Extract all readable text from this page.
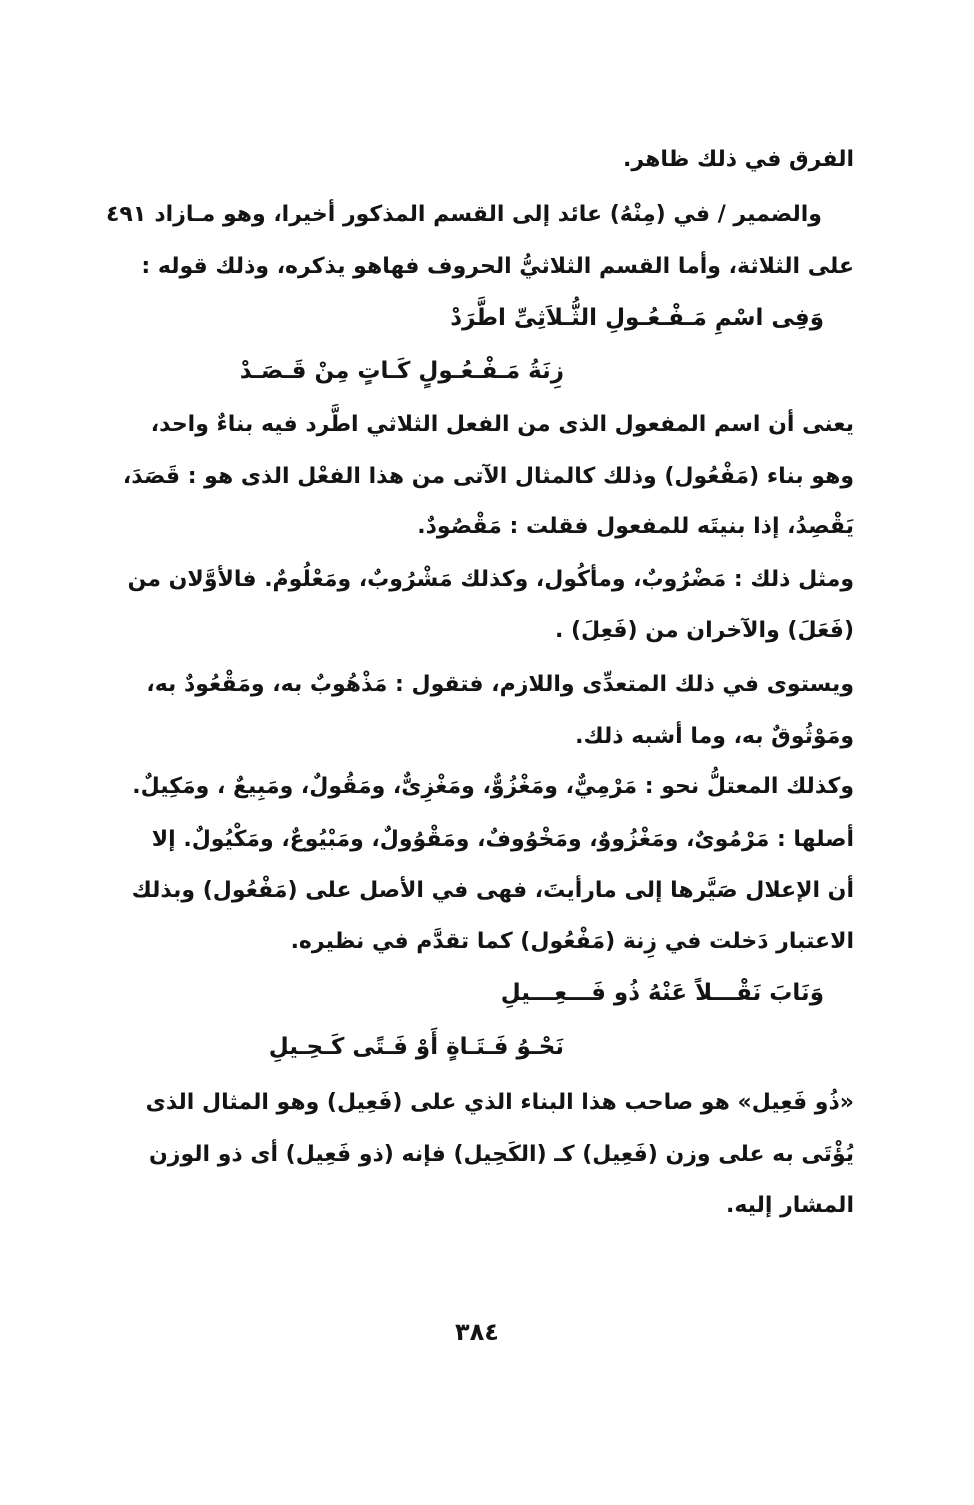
٤٩١
الفرق في ذلك ظاهر.
والضمير / في (مِنْهُ) عائد إلى القسم المذكور أخيرا، وهو مـازاد
على الثلاثة، وأما القسم الثلاثيُّ الحروف فهاهو يذكره، وذلك قوله :
وَفِى اسْمِ مَـفْـعُـولِ الثُّـلاَثِىِّ اطَّرَدْ
زِنَةُ مَـفْـعُـولٍ كَـاتٍ مِنْ قَـصَـدْ
يعنى أن اسم المفعول الذى من الفعل الثلاثي اطَّرد فيه بناءٌ واحد،
وهو بناء (مَفْعُول) وذلك كالمثال الآتى من هذا الفعْل الذى هو : قَصَدَ،
يَقْصِدُ، إذا بنيتَه للمفعول فقلت : مَقْصُودٌ.
ومثل ذلك : مَضْرُوبٌ، ومأكُول، وكذلك مَشْرُوبٌ، ومَعْلُومٌ. فالأوَّلان من
(فَعَلَ) والآخران من (فَعِلَ) .
ويستوى في ذلك المتعدِّى واللازم، فتقول : مَذْهُوبٌ به، ومَقْعُودٌ به،
ومَوْثُوقٌ به، وما أشبه ذلك.
وكذلك المعتلُّ نحو : مَرْمِيٌّ، ومَغْزُوٌّ، ومَغْزِىٌّ، ومَقُولٌ، ومَبِيعٌ ، ومَكِيلٌ.
أصلها : مَرْمُوىٌ، ومَغْزُووٌ، ومَخْوُوفٌ، ومَقْوُولٌ، ومَبْيُوعٌ، ومَكْيُولٌ. إلا
أن الإعلال صَيَّرها إلى مارأيتَ، فهى في الأصل على (مَفْعُول) وبذلك
الاعتبار دَخلت في زِنة (مَفْعُول) كما تقدَّم في نظيره.
وَنَابَ نَقْـــلاً عَنْهُ ذُو فَـــعِـــيلِ
نَحْـوُ فَـتَـاةٍ أَوْ فَـتًى كَـحِـيلِ
«ذُو فَعِيل» هو صاحب هذا البناء الذي على (فَعِيل) وهو المثال الذى
يُؤْتَى به على وزن (فَعِيل) كـ (الكَحِيل) فإنه (ذو فَعِيل) أى ذو الوزن
المشار إليه.
٣٨٤
